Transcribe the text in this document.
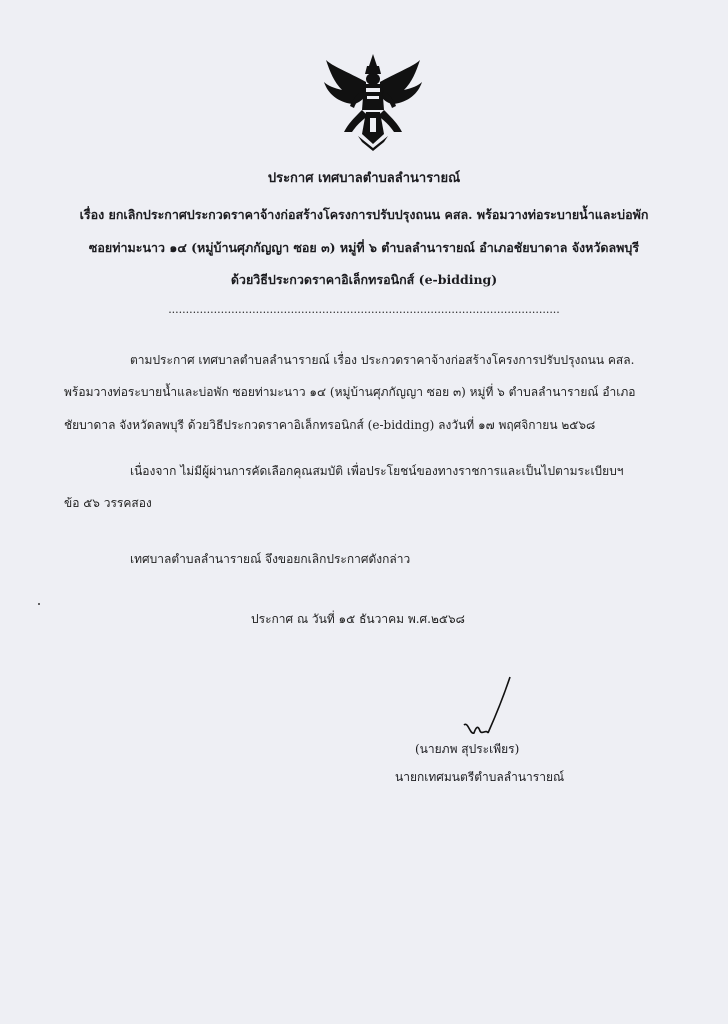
ประกาศ เทศบาลตำบลลำนารายณ์
เรื่อง ยกเลิกประกาศประกวดราคาจ้างก่อสร้างโครงการปรับปรุงถนน คสล. พร้อมวางท่อระบายน้ำและบ่อพัก
ซอยท่ามะนาว ๑๔ (หมู่บ้านศุภกัญญา ซอย ๓) หมู่ที่ ๖ ตำบลลำนารายณ์ อำเภอชัยบาดาล จังหวัดลพบุรี
ด้วยวิธีประกวดราคาอิเล็กทรอนิกส์ (e-bidding)
................................................................................................................
ตามประกาศ เทศบาลตำบลลำนารายณ์ เรื่อง ประกวดราคาจ้างก่อสร้างโครงการปรับปรุงถนน คสล.
พร้อมวางท่อระบายน้ำและบ่อพัก ซอยท่ามะนาว ๑๔ (หมู่บ้านศุภกัญญา ซอย ๓) หมู่ที่ ๖ ตำบลลำนารายณ์ อำเภอ
ชัยบาดาล จังหวัดลพบุรี ด้วยวิธีประกวดราคาอิเล็กทรอนิกส์ (e-bidding) ลงวันที่ ๑๗ พฤศจิกายน ๒๕๖๘
เนื่องจาก ไม่มีผู้ผ่านการคัดเลือกคุณสมบัติ เพื่อประโยชน์ของทางราชการและเป็นไปตามระเบียบฯ
ข้อ ๕๖ วรรคสอง
เทศบาลตำบลลำนารายณ์ จึงขอยกเลิกประกาศดังกล่าว
ประกาศ ณ วันที่ ๑๕ ธันวาคม พ.ศ.๒๕๖๘
(นายภพ สุประเพียร)
นายกเทศมนตรีตำบลลำนารายณ์
